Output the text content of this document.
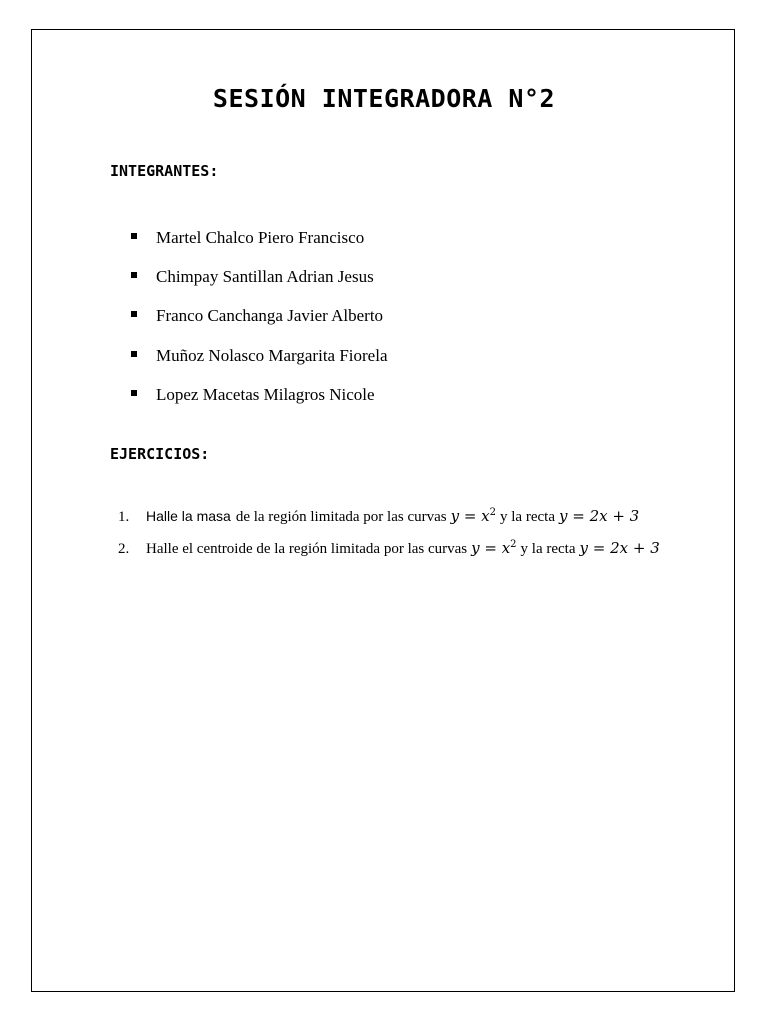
SESIÓN INTEGRADORA N°2
INTEGRANTES:
Martel Chalco Piero Francisco
Chimpay Santillan Adrian Jesus
Franco Canchanga Javier Alberto
Muñoz Nolasco Margarita Fiorela
Lopez Macetas Milagros Nicole
EJERCICIOS:
1.	Halle la masa de la región limitada por las curvas $y = x^2$ y la recta y = 2x + 3
2.	Halle el centroide de la región limitada por las curvas $y = x^2$ y la recta y = 2x + 3
